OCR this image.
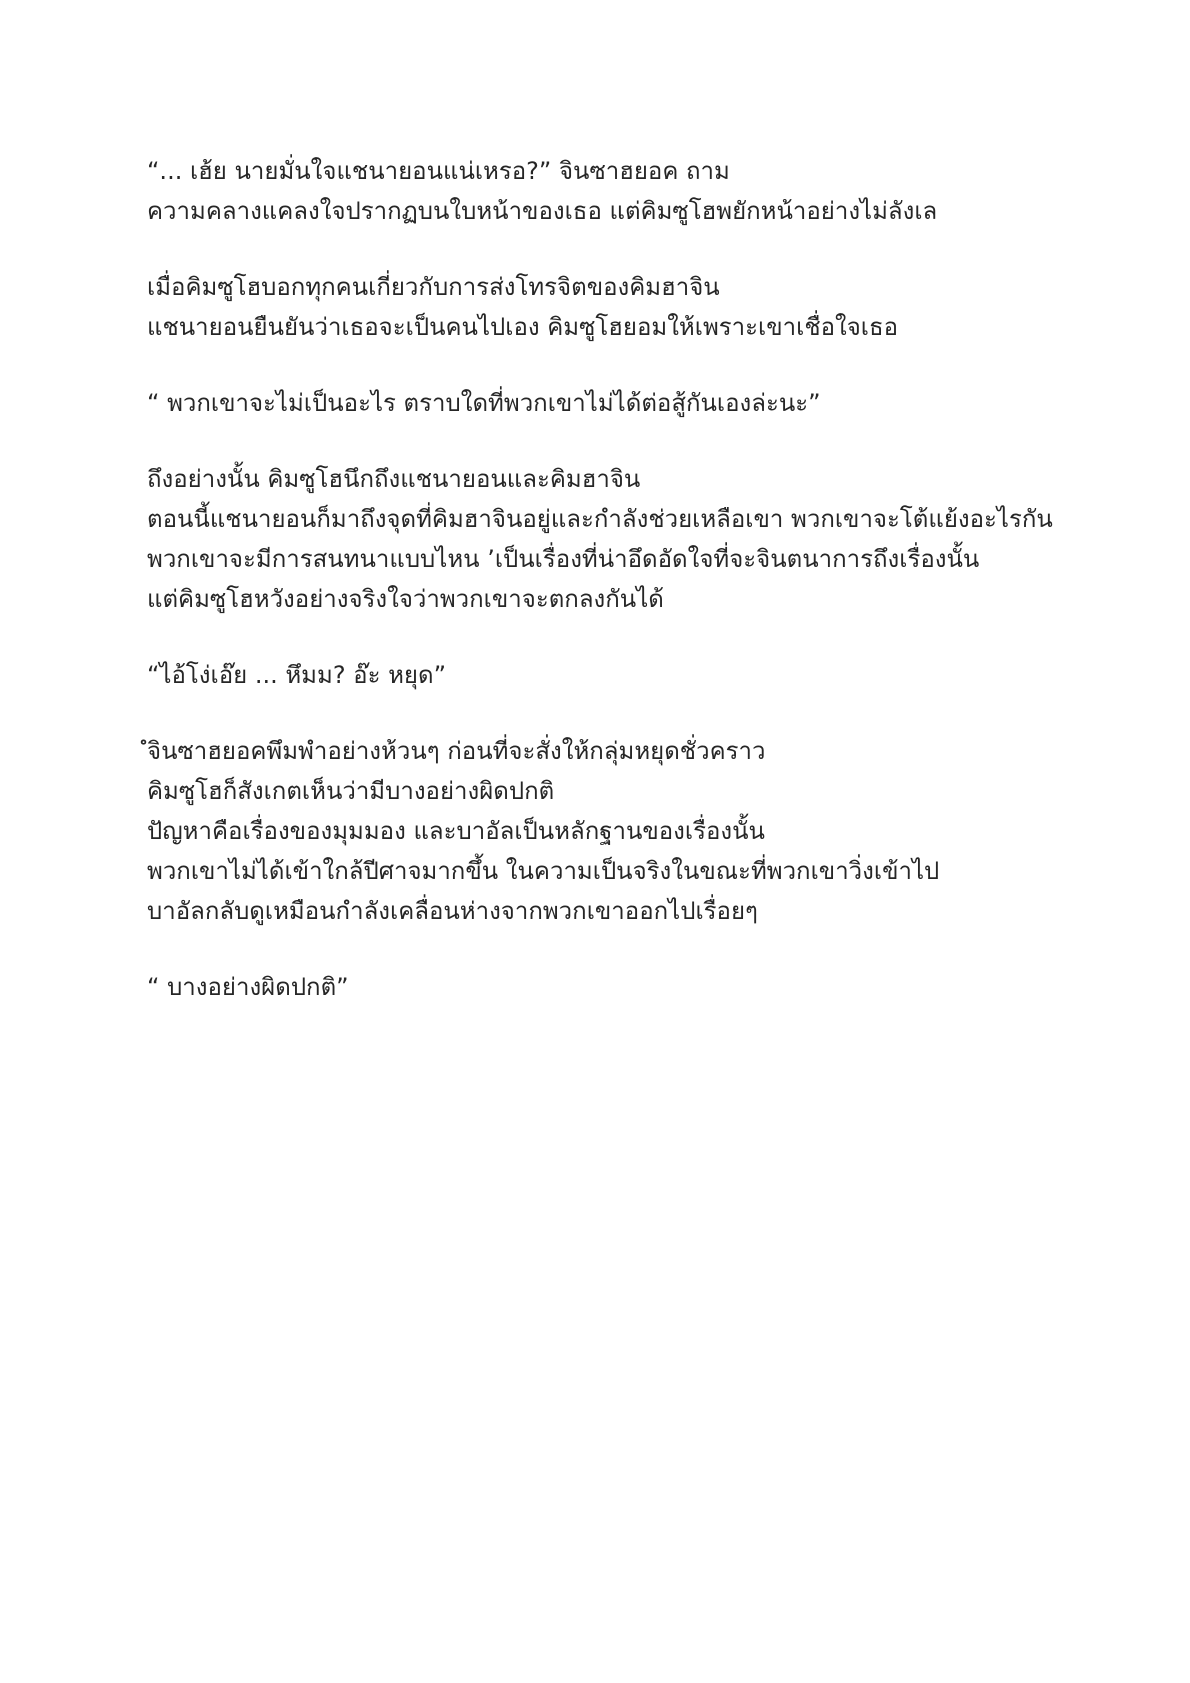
“... เฮ้ย นายมั่นใจแชนายอนแน่เหรอ?” จินซาฮยอค ถาม
ความคลางแคลงใจปรากฏบนใบหน้าของเธอ แต่คิมซูโฮพยักหน้าอย่างไม่ลังเล

เมื่อคิมซูโฮบอกทุกคนเกี่ยวกับการส่งโทรจิตของคิมฮาจิน
แชนายอนยืนยันว่าเธอจะเป็นคนไปเอง คิมซูโฮยอมให้เพราะเขาเชื่อใจเธอ

“ พวกเขาจะไม่เป็นอะไร ตราบใดที่พวกเขาไม่ได้ต่อสู้กันเองล่ะนะ”

ถึงอย่างนั้น คิมซูโฮนึกถึงแชนายอนและคิมฮาจิน
ตอนนี้แชนายอนก็มาถึงจุดที่คิมฮาจินอยู่และกำลังช่วยเหลือเขา พวกเขาจะโต้แย้งอะไรกัน
พวกเขาจะมีการสนทนาแบบไหน ’เป็นเรื่องที่น่าอึดอัดใจที่จะจินตนาการถึงเรื่องนั้น
แต่คิมซูโฮหวังอย่างจริงใจว่าพวกเขาจะตกลงกันได้

“ไอ้โง่เอ๊ย ... หึมม? อ๊ะ หยุด”

ํจินซาฮยอคพึมพำอย่างห้วนๆ ก่อนที่จะสั่งให้กลุ่มหยุดชั่วคราว
คิมซูโฮก็สังเกตเห็นว่ามีบางอย่างผิดปกติ
ปัญหาคือเรื่องของมุมมอง และบาอัลเป็นหลักฐานของเรื่องนั้น
พวกเขาไม่ได้เข้าใกล้ปีศาจมากขึ้น ในความเป็นจริงในขณะที่พวกเขาวิ่งเข้าไป
บาอัลกลับดูเหมือนกำลังเคลื่อนห่างจากพวกเขาออกไปเรื่อยๆ

“ บางอย่างผิดปกติ”
